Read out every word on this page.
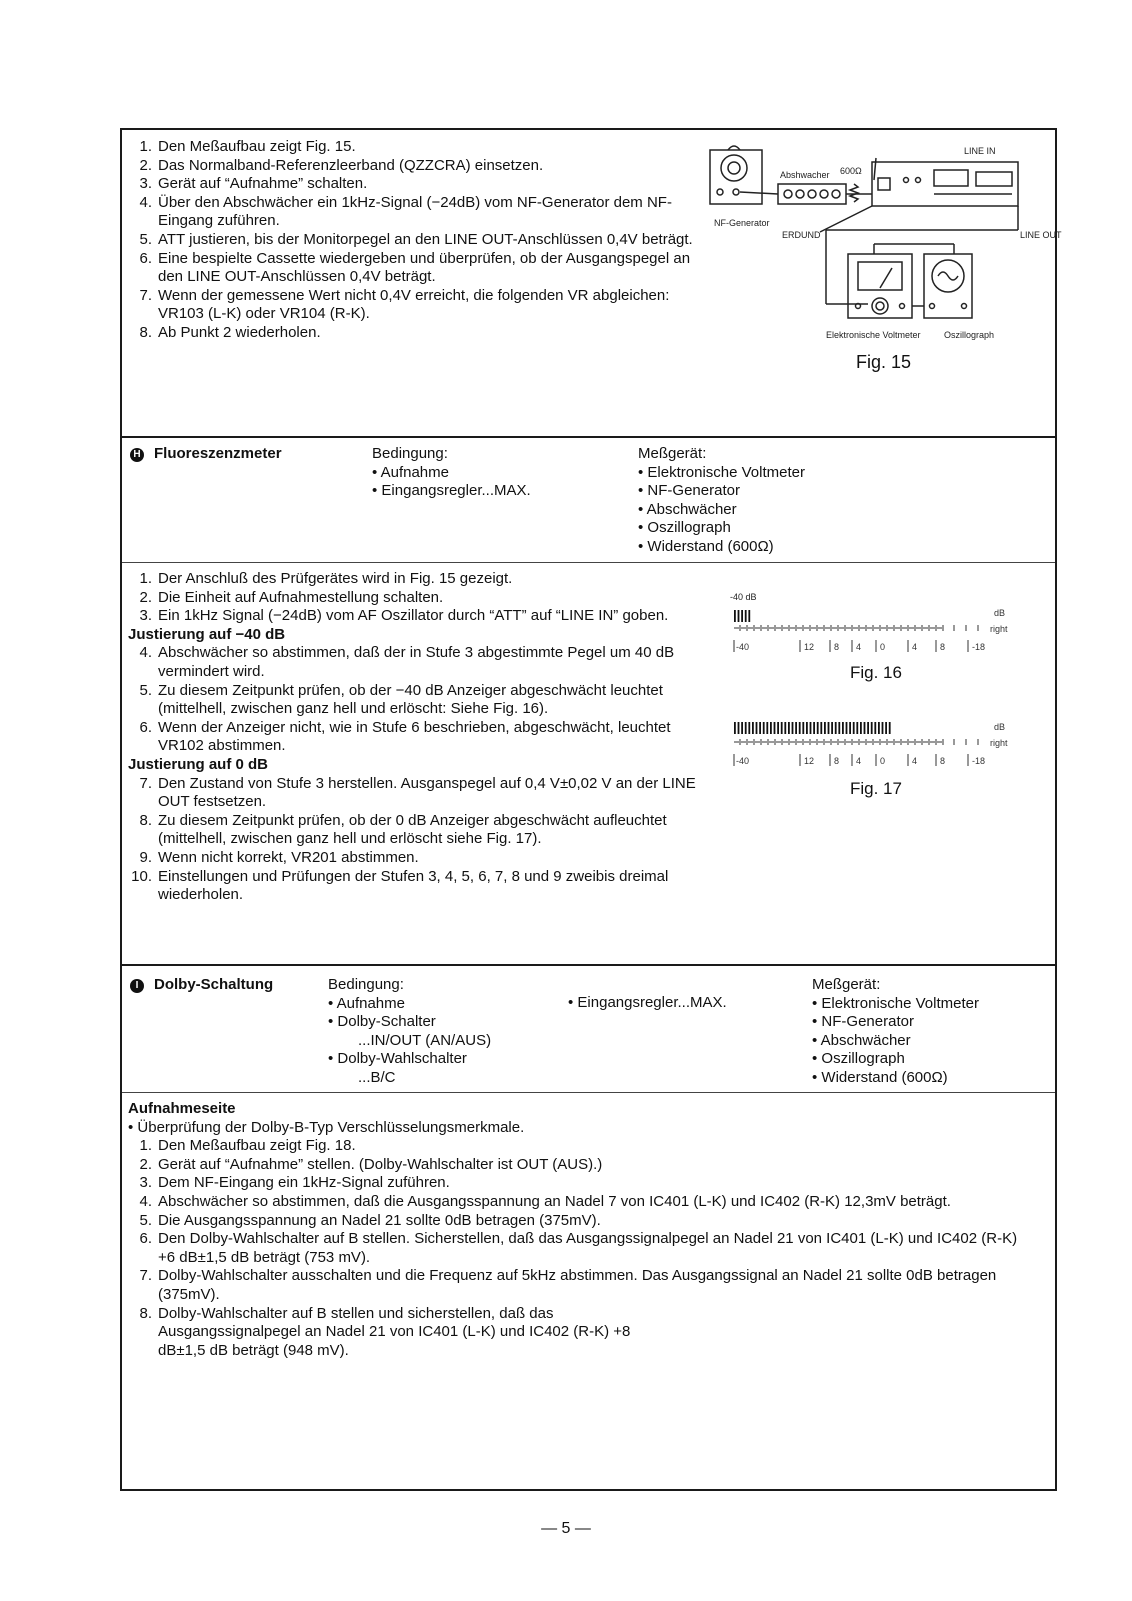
1. Den Meßaufbau zeigt Fig. 15.
2. Das Normalband-Referenzleerband (QZZCRA) einsetzen.
3. Gerät auf “Aufnahme” schalten.
4. Über den Abschwächer ein 1kHz-Signal (−24dB) vom NF-Generator dem NF-Eingang zuführen.
5. ATT justieren, bis der Monitorpegel an den LINE OUT-Anschlüssen 0,4V beträgt.
6. Eine bespielte Cassette wiedergeben und überprüfen, ob der Ausgangspegel an den LINE OUT-Anschlüssen 0,4V beträgt.
7. Wenn der gemessene Wert nicht 0,4V erreicht, die folgenden VR abgleichen: VR103 (L-K) oder VR104 (R-K).
8. Ab Punkt 2 wiederholen.
NF-Generator
Abshwacher 600Ω
LINE IN
LINE OUT
ERDUND
Elektronische Voltmeter	Oszillograph
Fig. 15
H Fluoreszenzmeter	Bedingung:
• Aufnahme
• Eingangsregler...MAX.
Meßgerät:
• Elektronische Voltmeter
• NF-Generator
• Abschwächer
• Oszillograph
• Widerstand (600Ω)
1. Der Anschluß des Prüfgerätes wird in Fig. 15 gezeigt.
2. Die Einheit auf Aufnahmestellung schalten.
3. Ein 1kHz Signal (−24dB) vom AF Oszillator durch “ATT” auf “LINE IN” goben.
Justierung auf −40 dB
4. Abschwächer so abstimmen, daß der in Stufe 3 abgestimmte Pegel um 40 dB vermindert wird.
5. Zu diesem Zeitpunkt prüfen, ob der −40 dB Anzeiger abgeschwächt leuchtet (mittelhell, zwischen ganz hell und erlöscht: Siehe Fig. 16).
6. Wenn der Anzeiger nicht, wie in Stufe 6 beschrieben, abgeschwächt, leuchtet VR102 abstimmen.
Justierung auf 0 dB
7. Den Zustand von Stufe 3 herstellen. Ausganspegel auf 0,4 V±0,02 V an der LINE OUT festsetzen.
8. Zu diesem Zeitpunkt prüfen, ob der 0 dB Anzeiger abgeschwächt aufleuchtet (mittelhell, zwischen ganz hell und erlöscht siehe Fig. 17).
9. Wenn nicht korrekt, VR201 abstimmen.
10. Einstellungen und Prüfungen der Stufen 3, 4, 5, 6, 7, 8 und 9 zweibis dreimal wiederholen.
-40 dB
dB
right
-40	12 8 4 0	4	8	-18
Fig. 16
dB
right
-40	12 8 4 0	4	8	-18
Fig. 17
I Dolby-Schaltung	Bedingung:
• Aufnahme
• Dolby-Schalter
...IN/OUT (AN/AUS)
• Dolby-Wahlschalter
...B/C
• Eingangsregler...MAX.
Meßgerät:
• Elektronische Voltmeter
• NF-Generator
• Abschwächer
• Oszillograph
• Widerstand (600Ω)
Aufnahmeseite
• Überprüfung der Dolby-B-Typ Verschlüsselungsmerkmale.
1. Den Meßaufbau zeigt Fig. 18.
2. Gerät auf “Aufnahme” stellen. (Dolby-Wahlschalter ist OUT (AUS).)
3. Dem NF-Eingang ein 1kHz-Signal zuführen.
4. Abschwächer so abstimmen, daß die Ausgangsspannung an Nadel 7 von IC401 (L-K) und IC402 (R-K) 12,3mV beträgt.
5. Die Ausgangsspannung an Nadel 21 sollte 0dB betragen (375mV).
6. Den Dolby-Wahlschalter auf B stellen. Sicherstellen, daß das Ausgangssignalpegel an Nadel 21 von IC401 (L-K) und IC402 (R-K) +6 dB±1,5 dB beträgt (753 mV).
7. Dolby-Wahlschalter ausschalten und die Frequenz auf 5kHz abstimmen. Das Ausgangssignal an Nadel 21 sollte 0dB betragen (375mV).
8. Dolby-Wahlschalter auf B stellen und sicherstellen, daß das Ausgangssignalpegel an Nadel 21 von IC401 (L-K) und IC402 (R-K) +8 dB±1,5 dB beträgt (948 mV).
— 5 —
